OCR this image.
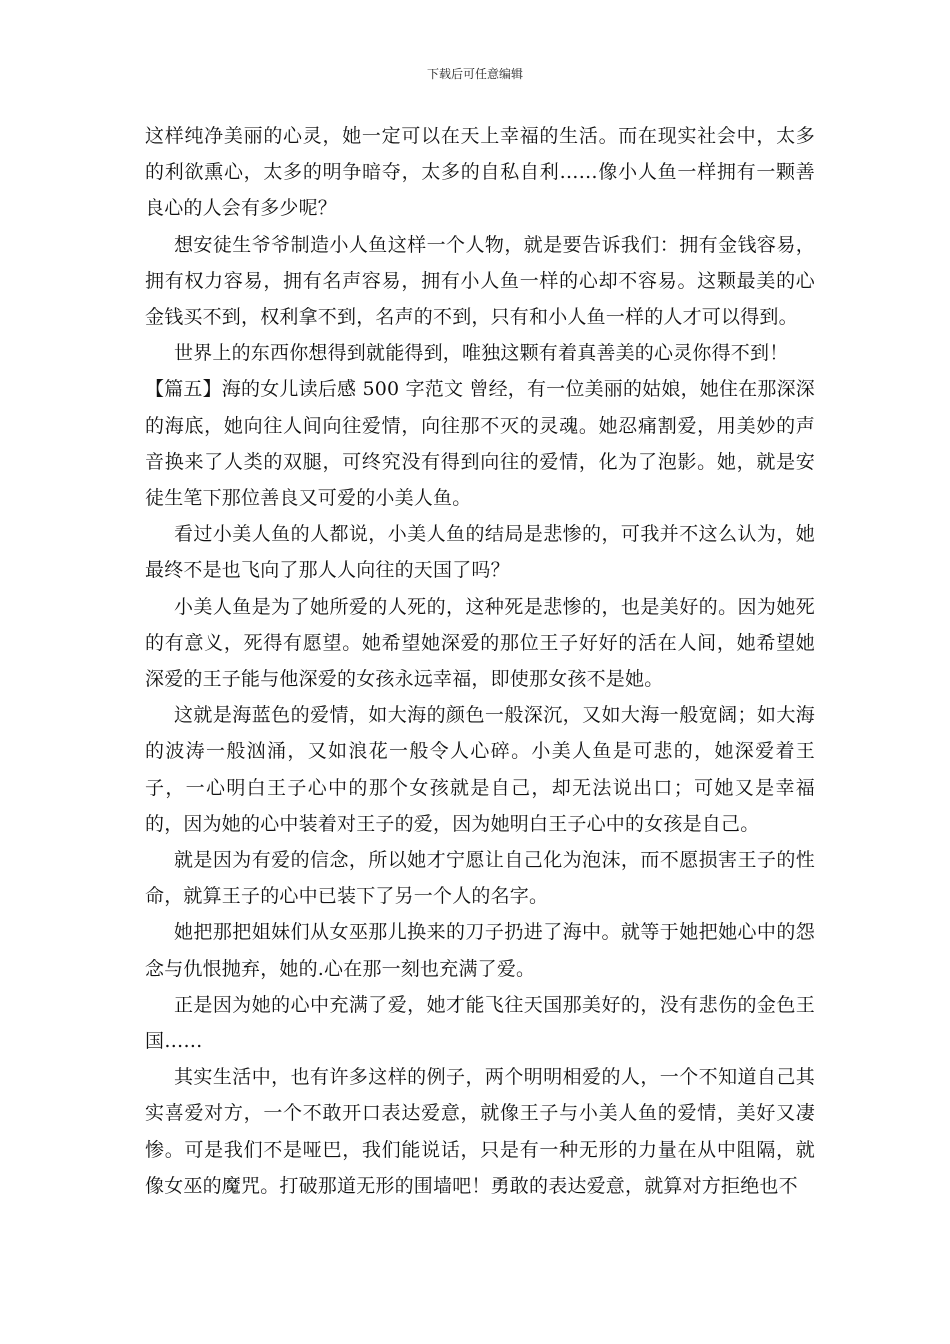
下载后可任意编辑

这样纯净美丽的心灵，她一定可以在天上幸福的生活。而在现实社会中，太多的利欲熏心，太多的明争暗夺，太多的自私自利……像小人鱼一样拥有一颗善良心的人会有多少呢？

想安徒生爷爷制造小人鱼这样一个人物，就是要告诉我们：拥有金钱容易，拥有权力容易，拥有名声容易，拥有小人鱼一样的心却不容易。这颗最美的心金钱买不到，权利拿不到，名声的不到，只有和小人鱼一样的人才可以得到。

世界上的东西你想得到就能得到，唯独这颗有着真善美的心灵你得不到！

【篇五】海的女儿读后感 500 字范文 曾经，有一位美丽的姑娘，她住在那深深的海底，她向往人间向往爱情，向往那不灭的灵魂。她忍痛割爱，用美妙的声音换来了人类的双腿，可终究没有得到向往的爱情，化为了泡影。她，就是安徒生笔下那位善良又可爱的小美人鱼。

看过小美人鱼的人都说，小美人鱼的结局是悲惨的，可我并不这么认为，她最终不是也飞向了那人人向往的天国了吗？

小美人鱼是为了她所爱的人死的，这种死是悲惨的，也是美好的。因为她死的有意义，死得有愿望。她希望她深爱的那位王子好好的活在人间，她希望她深爱的王子能与他深爱的女孩永远幸福，即使那女孩不是她。

这就是海蓝色的爱情，如大海的颜色一般深沉，又如大海一般宽阔；如大海的波涛一般汹涌，又如浪花一般令人心碎。小美人鱼是可悲的，她深爱着王子，一心明白王子心中的那个女孩就是自己，却无法说出口；可她又是幸福的，因为她的心中装着对王子的爱，因为她明白王子心中的女孩是自己。

就是因为有爱的信念，所以她才宁愿让自己化为泡沫，而不愿损害王子的性命，就算王子的心中已装下了另一个人的名字。

她把那把姐妹们从女巫那儿换来的刀子扔进了海中。就等于她把她心中的怨念与仇恨抛弃，她的.心在那一刻也充满了爱。

正是因为她的心中充满了爱，她才能飞往天国那美好的，没有悲伤的金色王国……

其实生活中，也有许多这样的例子，两个明明相爱的人，一个不知道自己其实喜爱对方，一个不敢开口表达爱意，就像王子与小美人鱼的爱情，美好又凄惨。可是我们不是哑巴，我们能说话，只是有一种无形的力量在从中阻隔，就像女巫的魔咒。打破那道无形的围墙吧！勇敢的表达爱意，就算对方拒绝也不
